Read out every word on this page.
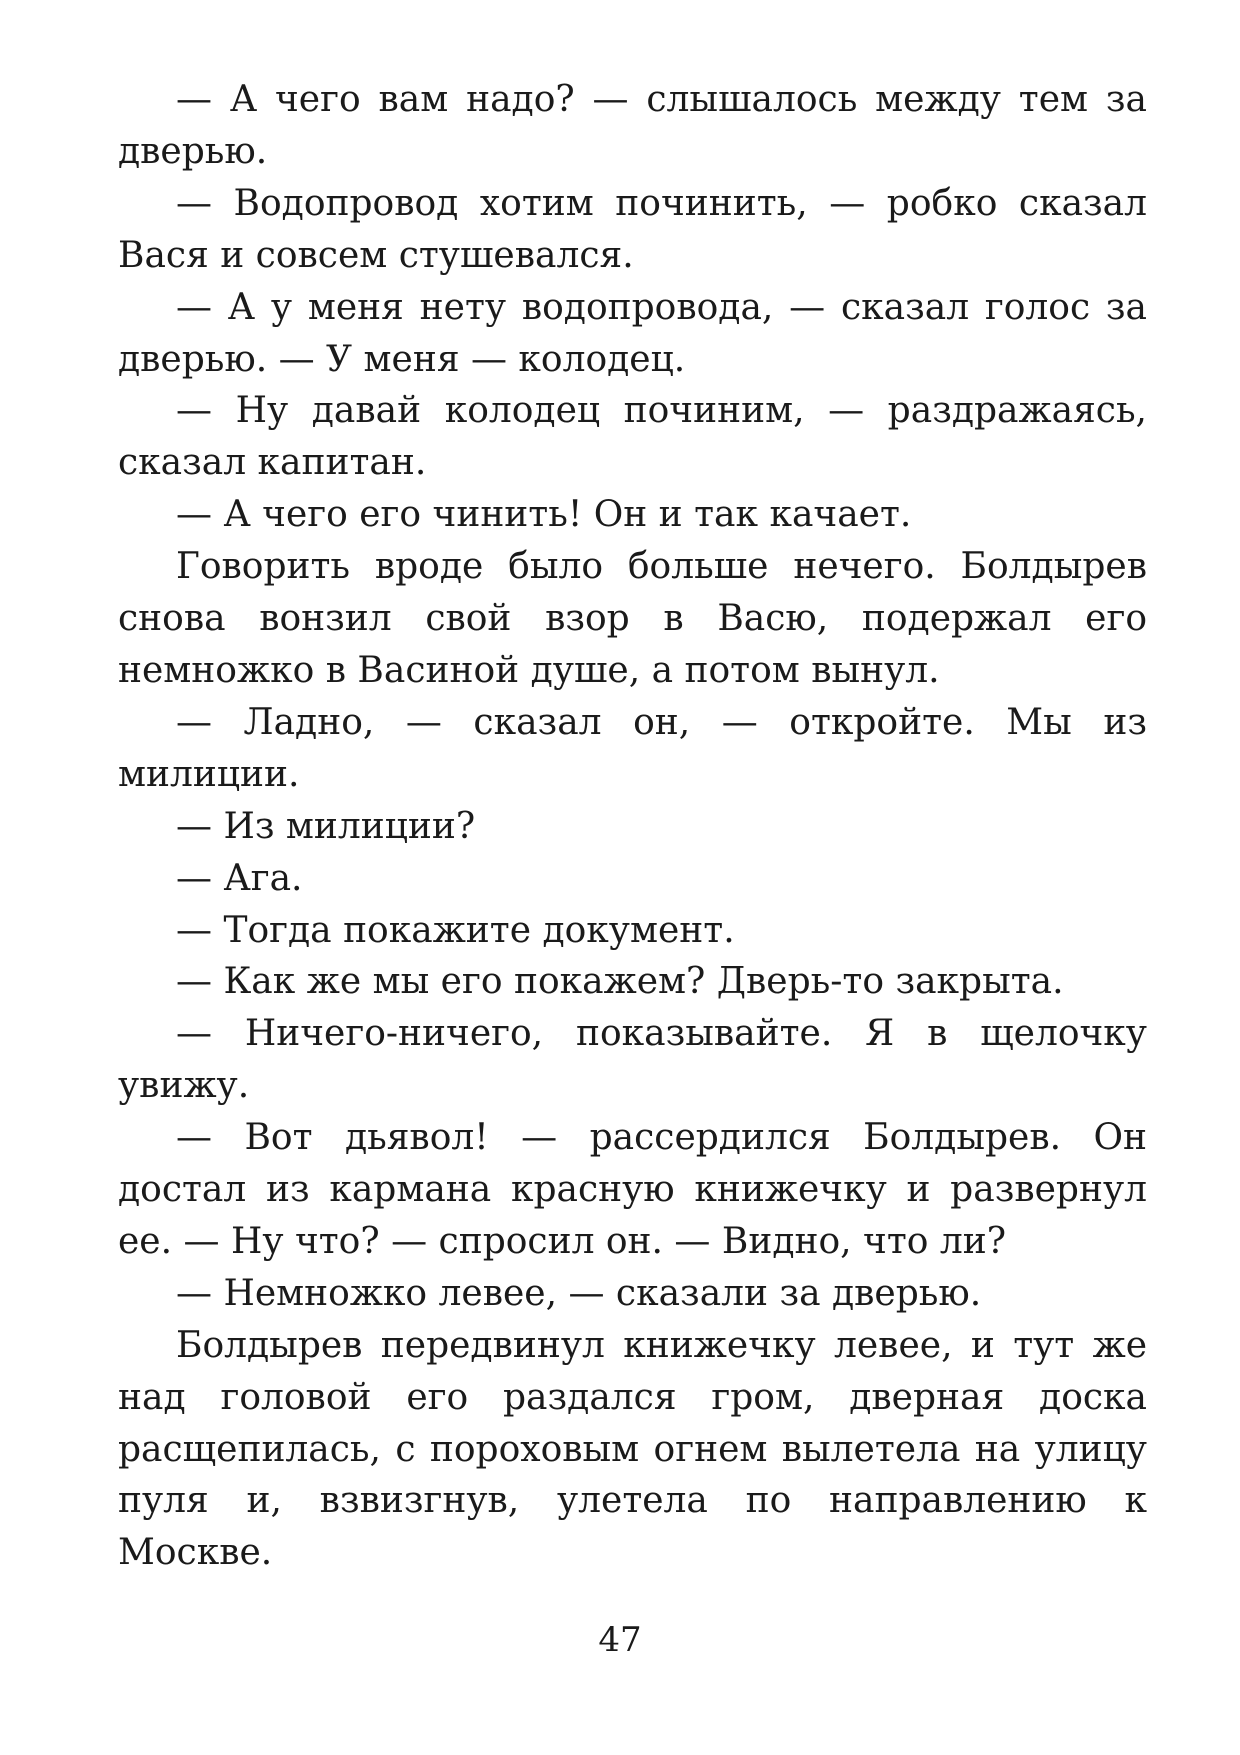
— А чего вам надо? — слышалось между тем за дверью.

— Водопровод хотим починить, — робко сказал Вася и совсем стушевался.

— А у меня нету водопровода, — сказал голос за дверью. — У меня — колодец.

— Ну давай колодец починим, — раздражаясь, сказал капитан.

— А чего его чинить! Он и так качает.

Говорить вроде было больше нечего. Болдырев снова вонзил свой взор в Васю, подержал его немножко в Васиной душе, а потом вынул.

— Ладно, — сказал он, — откройте. Мы из милиции.

— Из милиции?

— Ага.

— Тогда покажите документ.

— Как же мы его покажем? Дверь-то закрыта.

— Ничего-ничего, показывайте. Я в щелочку увижу.

— Вот дьявол! — рассердился Болдырев. Он достал из кармана красную книжечку и развернул ее. — Ну что? — спросил он. — Видно, что ли?

— Немножко левее, — сказали за дверью.

Болдырев передвинул книжечку левее, и тут же над головой его раздался гром, дверная доска расщепилась, с пороховым огнем вылетела на улицу пуля и, взвизгнув, улетела по направлению к Москве.

47
